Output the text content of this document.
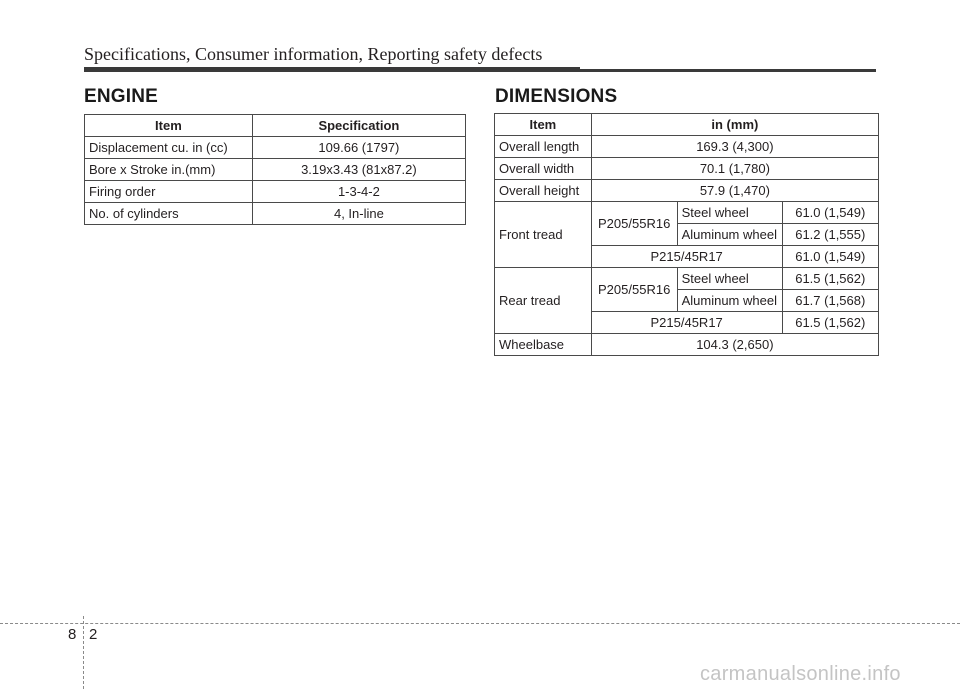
Specifications, Consumer information, Reporting safety defects
ENGINE
Item	Specification
Displacement cu. in (cc)	109.66 (1797)
Bore x Stroke in.(mm)	3.19x3.43 (81x87.2)
Firing order	1-3-4-2
No. of cylinders	4, In-line
DIMENSIONS
Item	in (mm)		
Overall length	169.3 (4,300)		
Overall width	70.1 (1,780)		
Overall height	57.9 (1,470)		
Front tread	P205/55R16	Steel wheel	61.0 (1,549)
		Aluminum wheel	61.2 (1,555)
	P215/45R17		61.0 (1,549)
Rear tread	P205/55R16	Steel wheel	61.5 (1,562)
		Aluminum wheel	61.7 (1,568)
	P215/45R17		61.5 (1,562)
Wheelbase	104.3 (2,650)		
8 2
carmanualsonline.info
